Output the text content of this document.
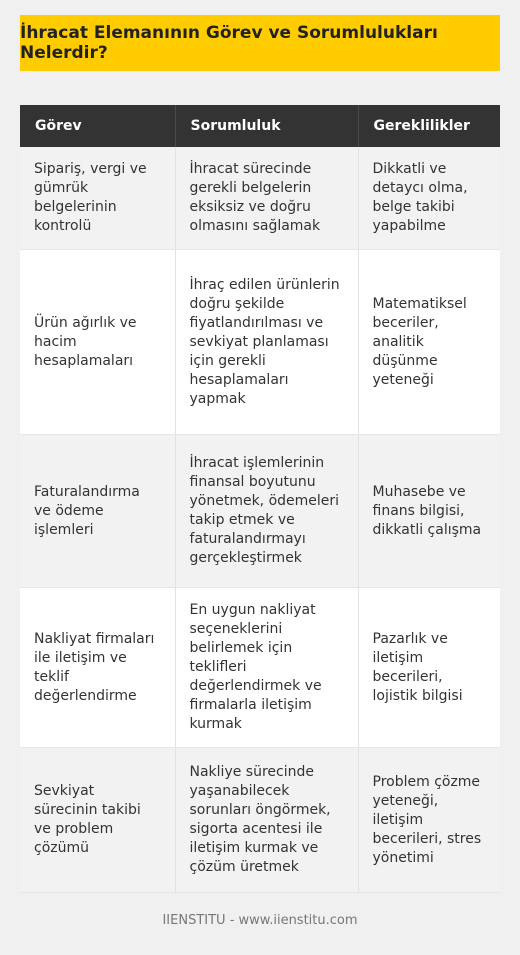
İhracat Elemanının Görev ve Sorumlulukları Nelerdir?
Görev	Sorumluluk	Gereklilikler
Sipariş, vergi ve gümrük belgelerinin kontrolü	İhracat sürecinde gerekli belgelerin eksiksiz ve doğru olmasını sağlamak	Dikkatli ve detaycı olma, belge takibi yapabilme
Ürün ağırlık ve hacim hesaplamaları	İhraç edilen ürünlerin doğru şekilde fiyatlandırılması ve sevkiyat planlaması için gerekli hesaplamaları yapmak	Matematiksel beceriler, analitik düşünme yeteneği
Faturalandırma ve ödeme işlemleri	İhracat işlemlerinin finansal boyutunu yönetmek, ödemeleri takip etmek ve faturalandırmayı gerçekleştirmek	Muhasebe ve finans bilgisi, dikkatli çalışma
Nakliyat firmaları ile iletişim ve teklif değerlendirme	En uygun nakliyat seçeneklerini belirlemek için teklifleri değerlendirmek ve firmalarla iletişim kurmak	Pazarlık ve iletişim becerileri, lojistik bilgisi
Sevkiyat sürecinin takibi ve problem çözümü	Nakliye sürecinde yaşanabilecek sorunları öngörmek, sigorta acentesi ile iletişim kurmak ve çözüm üretmek	Problem çözme yeteneği, iletişim becerileri, stres yönetimi
IIENSTITU - www.iienstitu.com
